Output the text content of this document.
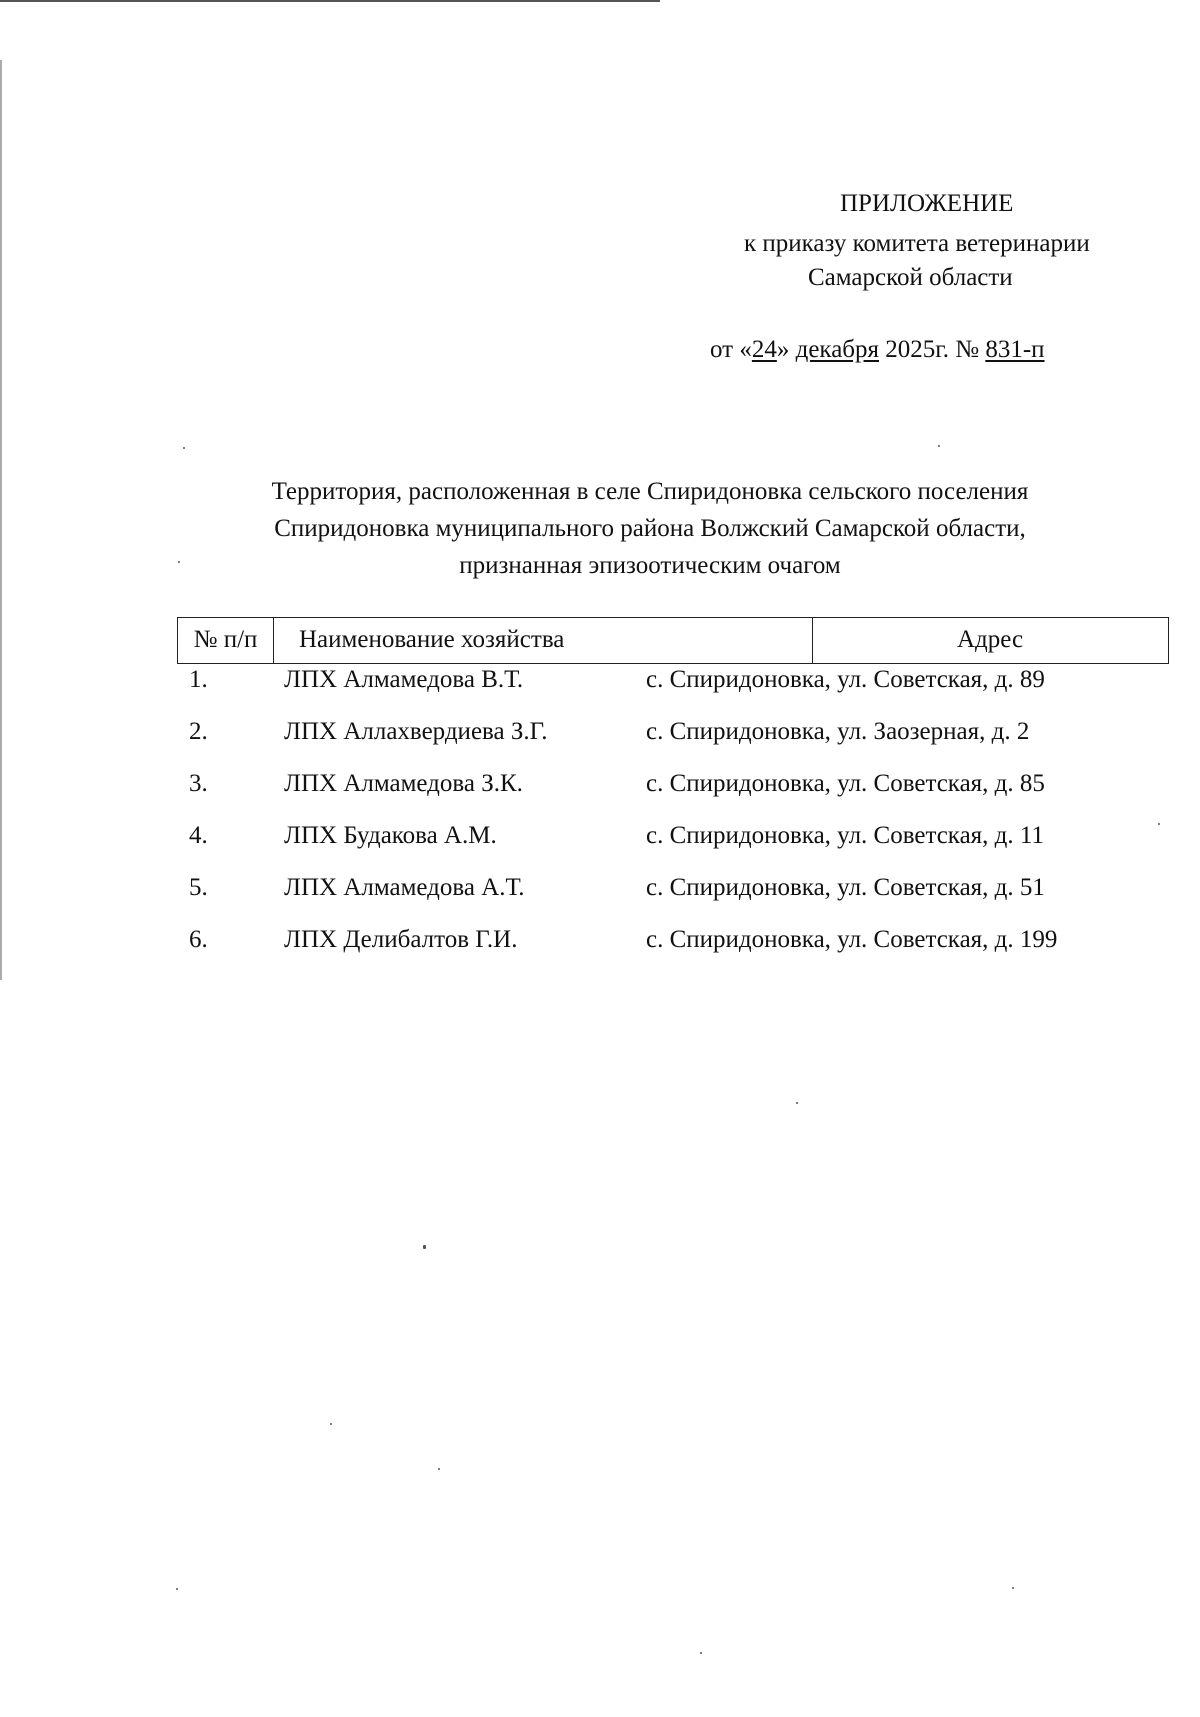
ПРИЛОЖЕНИЕ
к приказу комитета ветеринарии
Самарской области
от «24» декабря 2025г. № 831-п
Территория, расположенная в селе Спиридоновка сельского поселения
Спиридоновка муниципального района Волжский Самарской области,
признанная эпизоотическим очагом
№ п/п	Наименование хозяйства	Адрес
1.	ЛПХ Алмамедова В.Т.	с. Спиридоновка, ул. Советская, д. 89
2.	ЛПХ Аллахвердиева З.Г.	с. Спиридоновка, ул. Заозерная, д. 2
3.	ЛПХ Алмамедова З.К.	с. Спиридоновка, ул. Советская, д. 85
4.	ЛПХ Будакова А.М.	с. Спиридоновка, ул. Советская, д. 11
5.	ЛПХ Алмамедова А.Т.	с. Спиридоновка, ул. Советская, д. 51
6.	ЛПХ Делибалтов Г.И.	с. Спиридоновка, ул. Советская, д. 199
